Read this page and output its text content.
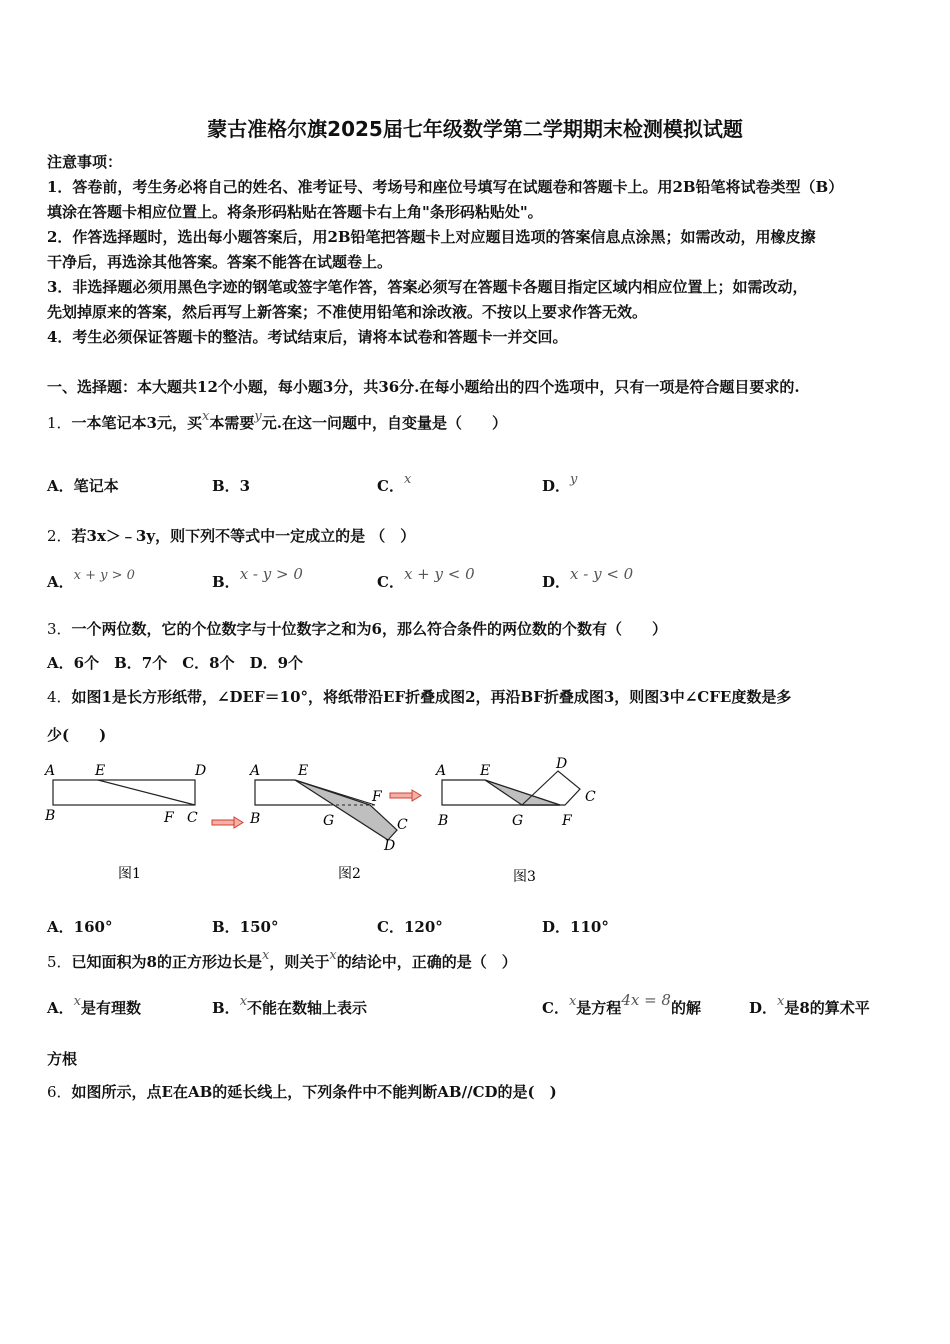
蒙古准格尔旗2025届七年级数学第二学期期末检测模拟试题
注意事项：
1．答卷前，考生务必将自己的姓名、准考证号、考场号和座位号填写在试题卷和答题卡上。用2B铅笔将试卷类型（B）
填涂在答题卡相应位置上。将条形码粘贴在答题卡右上角"条形码粘贴处"。
2．作答选择题时，选出每小题答案后，用2B铅笔把答题卡上对应题目选项的答案信息点涂黑；如需改动，用橡皮擦
干净后，再选涂其他答案。答案不能答在试题卷上。
3．非选择题必须用黑色字迹的钢笔或签字笔作答，答案必须写在答题卡各题目指定区域内相应位置上；如需改动，
先划掉原来的答案，然后再写上新答案；不准使用铅笔和涂改液。不按以上要求作答无效。
4．考生必须保证答题卡的整洁。考试结束后，请将本试卷和答题卡一并交回。
一、选择题：本大题共12个小题，每小题3分，共36分.在每小题给出的四个选项中，只有一项是符合题目要求的.
1．一本笔记本3元，买x本需要y元.在这一问题中，自变量是（　　）
A．笔记本	B．3	C．x	D．y
2．若3x＞﹣3y，则下列不等式中一定成立的是 （　）
A．x + y > 0	B．x - y > 0	C．x + y < 0	D．x - y < 0
3．一个两位数，它的个位数字与十位数字之和为6，那么符合条件的两位数的个数有（　　）
A．6个　B．7个　C．8个　D．9个
4．如图1是长方形纸带，∠DEF＝10°，将纸带沿EF折叠成图2，再沿BF折叠成图3，则图3中∠CFE度数是多
少(　　)
A	E	D
B	F C
A	E
F
B	G	C
D
A E	D
C
B	G	F
图1	图2	图3
A．160°	B．150°	C．120°	D．110°
5．已知面积为8的正方形边长是x，则关于x的结论中，正确的是（　）
A．x是有理数	B．x不能在数轴上表示	C．x是方程4x = 8的解	D．x是8的算术平
方根
6．如图所示，点E在AB的延长线上，下列条件中不能判断AB//CD的是(　)
